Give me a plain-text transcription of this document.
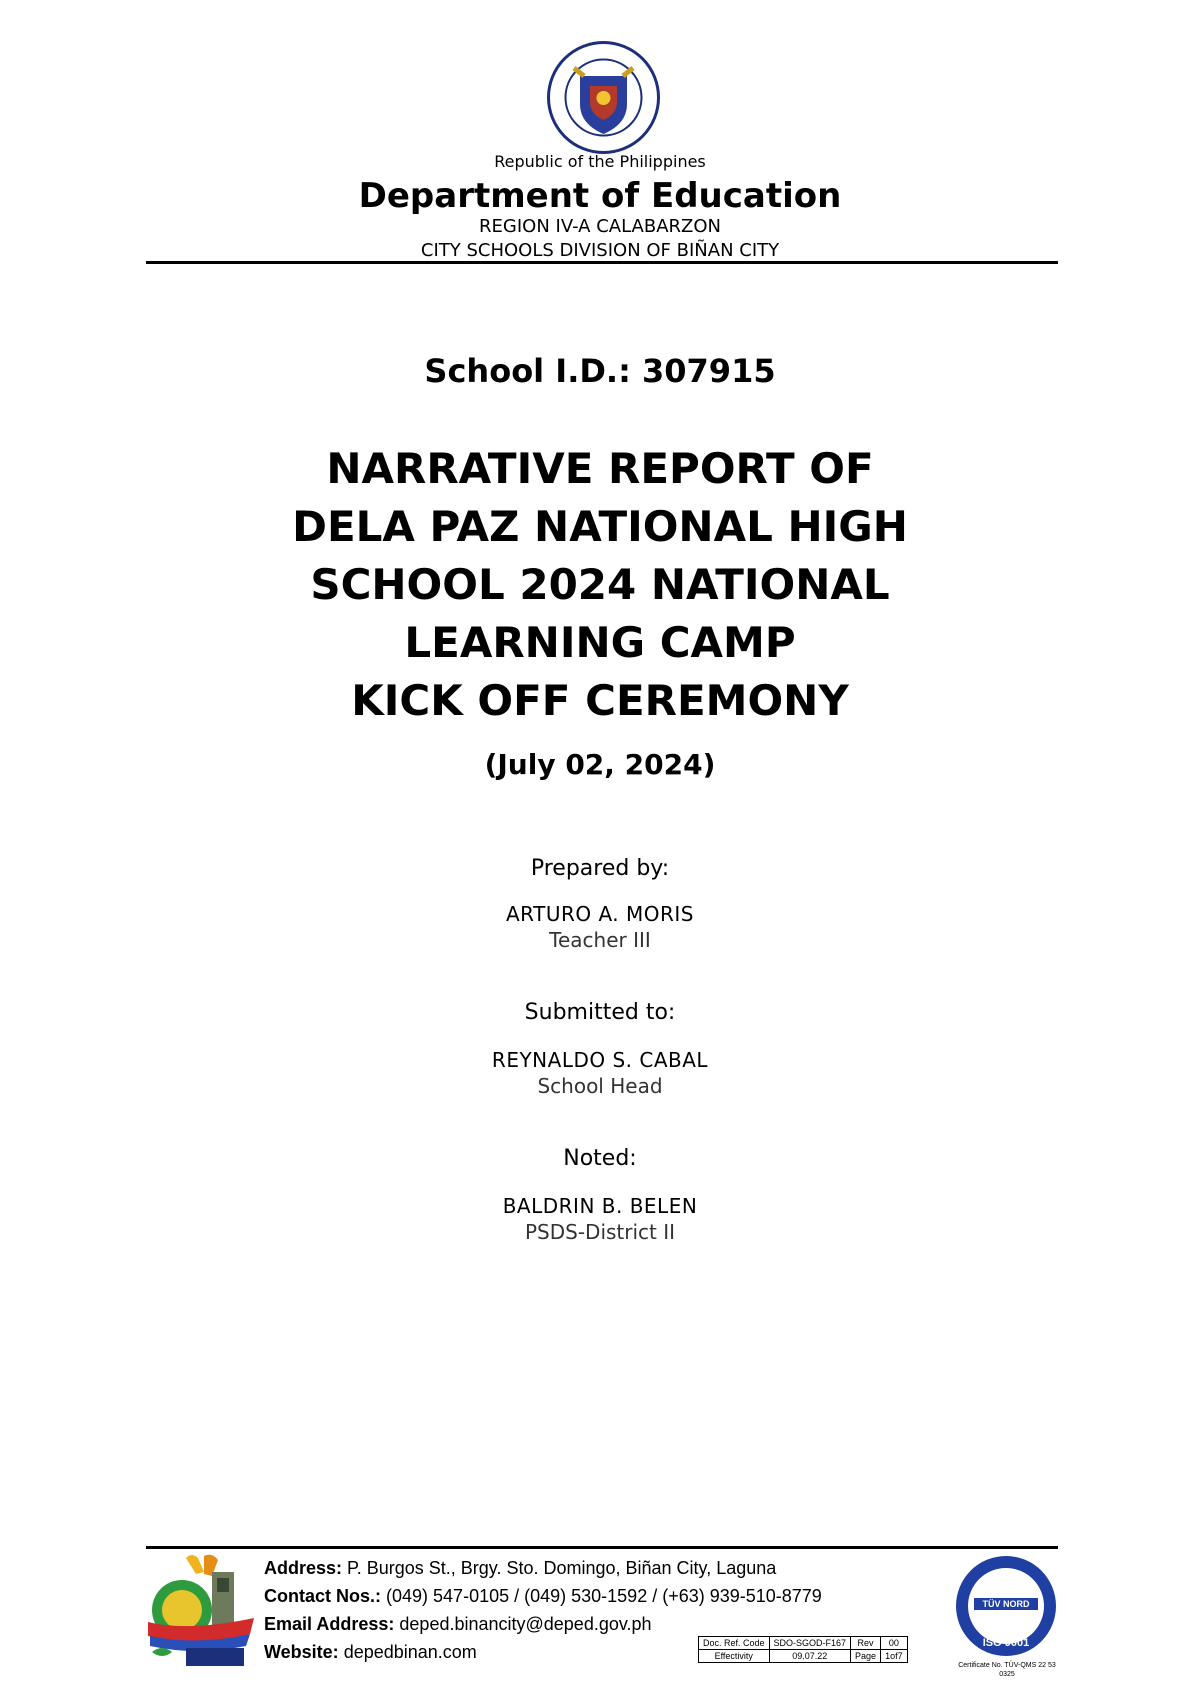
Republic of the Philippines
Department of Education
REGION IV-A CALABARZON
CITY SCHOOLS DIVISION OF BIÑAN CITY
School I.D.: 307915
NARRATIVE REPORT OF
DELA PAZ NATIONAL HIGH
SCHOOL 2024 NATIONAL
LEARNING CAMP
KICK OFF CEREMONY
(July 02, 2024)
Prepared by:
ARTURO A. MORIS
Teacher III
Submitted to:
REYNALDO S. CABAL
School Head
Noted:
BALDRIN B. BELEN
PSDS-District II
Address: P. Burgos St., Brgy. Sto. Domingo, Biñan City, Laguna
Contact Nos.: (049) 547-0105 / (049) 530-1592 / (+63) 939-510-8779
Email Address: deped.binancity@deped.gov.ph
Website: depedbinan.com	Doc. Ref. Code	SDO-SGOD-F167	Rev	00
Effectivity	09.07.22	Page	1of7
TÜV NORD
ISO 9001
Certificate No. TÜV-QMS 22 53 0325
